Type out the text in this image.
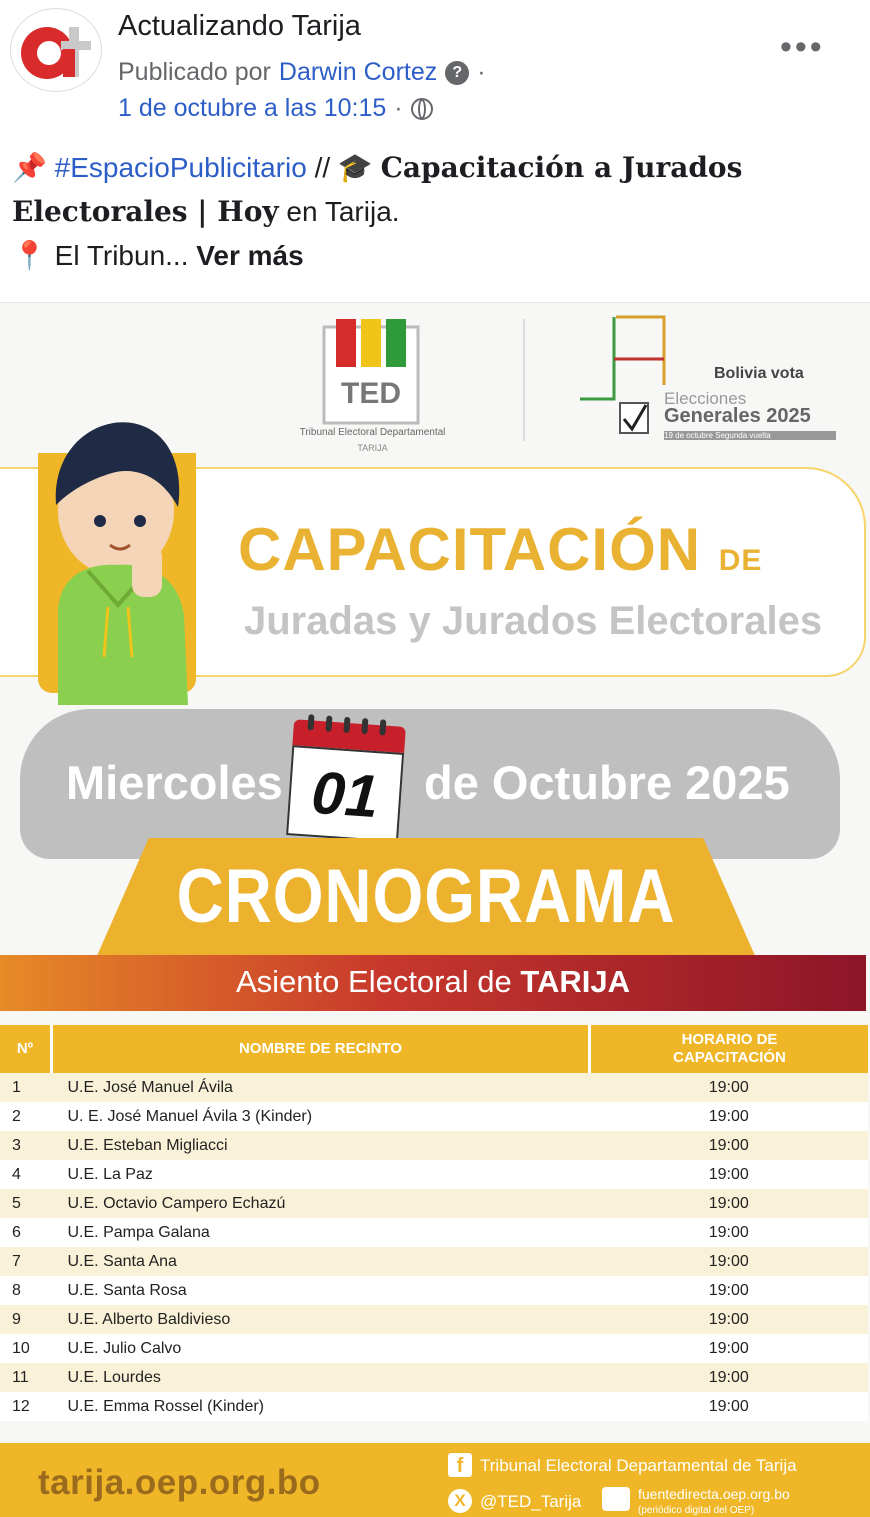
Actualizando Tarija
Publicado por Darwin Cortez ? ·
1 de octubre a las 10:15 ·
•••
📌 #EspacioPublicitario // 🎓 Capacitación a Jurados Electorales | Hoy en Tarija.
📍 El Tribun... Ver más
TED
Tribunal Electoral Departamental
TARIJA
Bolivia vota
Elecciones
Generales 2025
19 de octubre Segunda vuelta
CAPACITACIÓN DE
Juradas y Jurados Electorales
Miercoles 01 de Octubre 2025
CRONOGRAMA
Asiento Electoral de TARIJA
Nº	NOMBRE DE RECINTO	HORARIO DE
CAPACITACIÓN
1	U.E. José Manuel Ávila	19:00
2	U. E. José Manuel Ávila 3 (Kinder)	19:00
3	U.E. Esteban Migliacci	19:00
4	U.E. La Paz	19:00
5	U.E. Octavio Campero Echazú	19:00
6	U.E. Pampa Galana	19:00
7	U.E. Santa Ana	19:00
8	U.E. Santa Rosa	19:00
9	U.E. Alberto Baldivieso	19:00
10	U.E. Julio Calvo	19:00
11	U.E. Lourdes	19:00
12	U.E. Emma Rossel (Kinder)	19:00
tarija.oep.org.bo	f Tribunal Electoral Departamental de Tarija
X @TED_Tarija	fuentedirecta.oep.org.bo
(periódico digital del OEP)
